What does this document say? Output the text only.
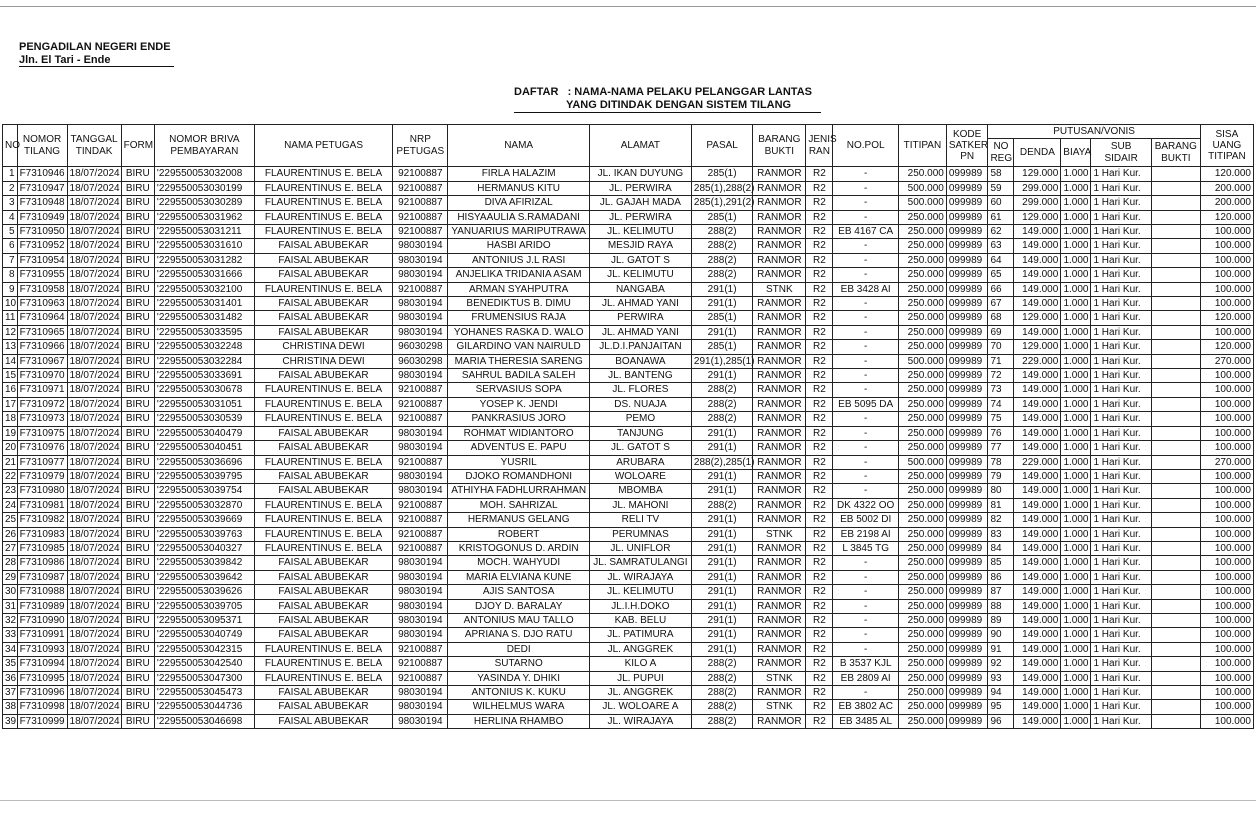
PENGADILAN NEGERI ENDE
Jln. El Tari - Ende
DAFTAR   : NAMA-NAMA PELAKU PELANGGAR LANTAS
YANG DITINDAK DENGAN SISTEM TILANG
NO	NOMOR TILANG	TANGGAL TINDAK	FORM	NOMOR BRIVA PEMBAYARAN	NAMA PETUGAS	NRP PETUGAS	NAMA	ALAMAT	PASAL	BARANG BUKTI	JENIS RAN	NO.POL	TITIPAN	KODE SATKER PN	PUTUSAN/VONIS					SISA UANG TITIPAN
															NO REG	DENDA	BIAYA	SUB SIDAIR	BARANG BUKTI	
1	F7310946	18/07/2024	BIRU	'229550053032008	FLAURENTINUS E. BELA	92100887	FIRLA HALAZIM	JL. IKAN DUYUNG	285(1)	RANMOR	R2	-	250.000	099989	58	129.000	1.000	1 Hari Kur.		120.000
2	F7310947	18/07/2024	BIRU	'229550053030199	FLAURENTINUS E. BELA	92100887	HERMANUS KITU	JL. PERWIRA	285(1),288(2)	RANMOR	R2	-	500.000	099989	59	299.000	1.000	1 Hari Kur.		200.000
3	F7310948	18/07/2024	BIRU	'229550053030289	FLAURENTINUS E. BELA	92100887	DIVA AFIRIZAL	JL. GAJAH MADA	285(1),291(2)	RANMOR	R2	-	500.000	099989	60	299.000	1.000	1 Hari Kur.		200.000
4	F7310949	18/07/2024	BIRU	'229550053031962	FLAURENTINUS E. BELA	92100887	HISYAAULIA S.RAMADANI	JL. PERWIRA	285(1)	RANMOR	R2	-	250.000	099989	61	129.000	1.000	1 Hari Kur.		120.000
5	F7310950	18/07/2024	BIRU	'229550053031211	FLAURENTINUS E. BELA	92100887	YANUARIUS MARIPUTRAWA	JL. KELIMUTU	288(2)	RANMOR	R2	EB 4167 CA	250.000	099989	62	149.000	1.000	1 Hari Kur.		100.000
6	F7310952	18/07/2024	BIRU	'229550053031610	FAISAL ABUBEKAR	98030194	HASBI ARIDO	MESJID RAYA	288(2)	RANMOR	R2	-	250.000	099989	63	149.000	1.000	1 Hari Kur.		100.000
7	F7310954	18/07/2024	BIRU	'229550053031282	FAISAL ABUBEKAR	98030194	ANTONIUS J.L RASI	JL. GATOT S	288(2)	RANMOR	R2	-	250.000	099989	64	149.000	1.000	1 Hari Kur.		100.000
8	F7310955	18/07/2024	BIRU	'229550053031666	FAISAL ABUBEKAR	98030194	ANJELIKA TRIDANIA ASAM	JL. KELIMUTU	288(2)	RANMOR	R2	-	250.000	099989	65	149.000	1.000	1 Hari Kur.		100.000
9	F7310958	18/07/2024	BIRU	'229550053032100	FLAURENTINUS E. BELA	92100887	ARMAN SYAHPUTRA	NANGABA	291(1)	STNK	R2	EB 3428 AI	250.000	099989	66	149.000	1.000	1 Hari Kur.		100.000
10	F7310963	18/07/2024	BIRU	'229550053031401	FAISAL ABUBEKAR	98030194	BENEDIKTUS B. DIMU	JL. AHMAD YANI	291(1)	RANMOR	R2	-	250.000	099989	67	149.000	1.000	1 Hari Kur.		100.000
11	F7310964	18/07/2024	BIRU	'229550053031482	FAISAL ABUBEKAR	98030194	FRUMENSIUS RAJA	PERWIRA	285(1)	RANMOR	R2	-	250.000	099989	68	129.000	1.000	1 Hari Kur.		120.000
12	F7310965	18/07/2024	BIRU	'229550053033595	FAISAL ABUBEKAR	98030194	YOHANES RASKA D. WALO	JL. AHMAD YANI	291(1)	RANMOR	R2	-	250.000	099989	69	149.000	1.000	1 Hari Kur.		100.000
13	F7310966	18/07/2024	BIRU	'229550053032248	CHRISTINA DEWI	96030298	GILARDINO VAN NAIRULD	JL.D.I.PANJAITAN	285(1)	RANMOR	R2	-	250.000	099989	70	129.000	1.000	1 Hari Kur.		120.000
14	F7310967	18/07/2024	BIRU	'229550053032284	CHRISTINA DEWI	96030298	MARIA THERESIA SARENG	BOANAWA	291(1),285(1)	RANMOR	R2	-	500.000	099989	71	229.000	1.000	1 Hari Kur.		270.000
15	F7310970	18/07/2024	BIRU	'229550053033691	FAISAL ABUBEKAR	98030194	SAHRUL BADILA SALEH	JL. BANTENG	291(1)	RANMOR	R2	-	250.000	099989	72	149.000	1.000	1 Hari Kur.		100.000
16	F7310971	18/07/2024	BIRU	'229550053030678	FLAURENTINUS E. BELA	92100887	SERVASIUS SOPA	JL. FLORES	288(2)	RANMOR	R2	-	250.000	099989	73	149.000	1.000	1 Hari Kur.		100.000
17	F7310972	18/07/2024	BIRU	'229550053031051	FLAURENTINUS E. BELA	92100887	YOSEP K. JENDI	DS. NUAJA	288(2)	RANMOR	R2	EB 5095 DA	250.000	099989	74	149.000	1.000	1 Hari Kur.		100.000
18	F7310973	18/07/2024	BIRU	'229550053030539	FLAURENTINUS E. BELA	92100887	PANKRASIUS JORO	PEMO	288(2)	RANMOR	R2	-	250.000	099989	75	149.000	1.000	1 Hari Kur.		100.000
19	F7310975	18/07/2024	BIRU	'229550053040479	FAISAL ABUBEKAR	98030194	ROHMAT WIDIANTORO	TANJUNG	291(1)	RANMOR	R2	-	250.000	099989	76	149.000	1.000	1 Hari Kur.		100.000
20	F7310976	18/07/2024	BIRU	'229550053040451	FAISAL ABUBEKAR	98030194	ADVENTUS E. PAPU	JL. GATOT S	291(1)	RANMOR	R2	-	250.000	099989	77	149.000	1.000	1 Hari Kur.		100.000
21	F7310977	18/07/2024	BIRU	'229550053036696	FLAURENTINUS E. BELA	92100887	YUSRIL	ARUBARA	288(2),285(1)	RANMOR	R2	-	500.000	099989	78	229.000	1.000	1 Hari Kur.		270.000
22	F7310979	18/07/2024	BIRU	'229550053039795	FAISAL ABUBEKAR	98030194	DJOKO ROMANDHONI	WOLOARE	291(1)	RANMOR	R2	-	250.000	099989	79	149.000	1.000	1 Hari Kur.		100.000
23	F7310980	18/07/2024	BIRU	'229550053039754	FAISAL ABUBEKAR	98030194	ATHIYHA FADHLURRAHMAN	MBOMBA	291(1)	RANMOR	R2	-	250.000	099989	80	149.000	1.000	1 Hari Kur.		100.000
24	F7310981	18/07/2024	BIRU	'229550053032870	FLAURENTINUS E. BELA	92100887	MOH. SAHRIZAL	JL. MAHONI	288(2)	RANMOR	R2	DK 4322 OO	250.000	099989	81	149.000	1.000	1 Hari Kur.		100.000
25	F7310982	18/07/2024	BIRU	'229550053039669	FLAURENTINUS E. BELA	92100887	HERMANUS GELANG	RELI TV	291(1)	RANMOR	R2	EB 5002 DI	250.000	099989	82	149.000	1.000	1 Hari Kur.		100.000
26	F7310983	18/07/2024	BIRU	'229550053039763	FLAURENTINUS E. BELA	92100887	ROBERT	PERUMNAS	291(1)	STNK	R2	EB 2198 AI	250.000	099989	83	149.000	1.000	1 Hari Kur.		100.000
27	F7310985	18/07/2024	BIRU	'229550053040327	FLAURENTINUS E. BELA	92100887	KRISTOGONUS D. ARDIN	JL. UNIFLOR	291(1)	RANMOR	R2	L 3845 TG	250.000	099989	84	149.000	1.000	1 Hari Kur.		100.000
28	F7310986	18/07/2024	BIRU	'229550053039842	FAISAL ABUBEKAR	98030194	MOCH. WAHYUDI	JL. SAMRATULANGI	291(1)	RANMOR	R2	-	250.000	099989	85	149.000	1.000	1 Hari Kur.		100.000
29	F7310987	18/07/2024	BIRU	'229550053039642	FAISAL ABUBEKAR	98030194	MARIA ELVIANA KUNE	JL. WIRAJAYA	291(1)	RANMOR	R2	-	250.000	099989	86	149.000	1.000	1 Hari Kur.		100.000
30	F7310988	18/07/2024	BIRU	'229550053039626	FAISAL ABUBEKAR	98030194	AJIS SANTOSA	JL. KELIMUTU	291(1)	RANMOR	R2	-	250.000	099989	87	149.000	1.000	1 Hari Kur.		100.000
31	F7310989	18/07/2024	BIRU	'229550053039705	FAISAL ABUBEKAR	98030194	DJOY D. BARALAY	JL.I.H.DOKO	291(1)	RANMOR	R2	-	250.000	099989	88	149.000	1.000	1 Hari Kur.		100.000
32	F7310990	18/07/2024	BIRU	'229550053095371	FAISAL ABUBEKAR	98030194	ANTONIUS MAU TALLO	KAB. BELU	291(1)	RANMOR	R2	-	250.000	099989	89	149.000	1.000	1 Hari Kur.		100.000
33	F7310991	18/07/2024	BIRU	'229550053040749	FAISAL ABUBEKAR	98030194	APRIANA S. DJO RATU	JL. PATIMURA	291(1)	RANMOR	R2	-	250.000	099989	90	149.000	1.000	1 Hari Kur.		100.000
34	F7310993	18/07/2024	BIRU	'229550053042315	FLAURENTINUS E. BELA	92100887	DEDI	JL. ANGGREK	291(1)	RANMOR	R2	-	250.000	099989	91	149.000	1.000	1 Hari Kur.		100.000
35	F7310994	18/07/2024	BIRU	'229550053042540	FLAURENTINUS E. BELA	92100887	SUTARNO	KILO A	288(2)	RANMOR	R2	B 3537 KJL	250.000	099989	92	149.000	1.000	1 Hari Kur.		100.000
36	F7310995	18/07/2024	BIRU	'229550053047300	FLAURENTINUS E. BELA	92100887	YASINDA Y. DHIKI	JL. PUPUI	288(2)	STNK	R2	EB 2809 AI	250.000	099989	93	149.000	1.000	1 Hari Kur.		100.000
37	F7310996	18/07/2024	BIRU	'229550053045473	FAISAL ABUBEKAR	98030194	ANTONIUS K. KUKU	JL. ANGGREK	288(2)	RANMOR	R2	-	250.000	099989	94	149.000	1.000	1 Hari Kur.		100.000
38	F7310998	18/07/2024	BIRU	'229550053044736	FAISAL ABUBEKAR	98030194	WILHELMUS WARA	JL. WOLOARE A	288(2)	STNK	R2	EB 3802 AC	250.000	099989	95	149.000	1.000	1 Hari Kur.		100.000
39	F7310999	18/07/2024	BIRU	'229550053046698	FAISAL ABUBEKAR	98030194	HERLINA RHAMBO	JL. WIRAJAYA	288(2)	RANMOR	R2	EB 3485 AL	250.000	099989	96	149.000	1.000	1 Hari Kur.		100.000
